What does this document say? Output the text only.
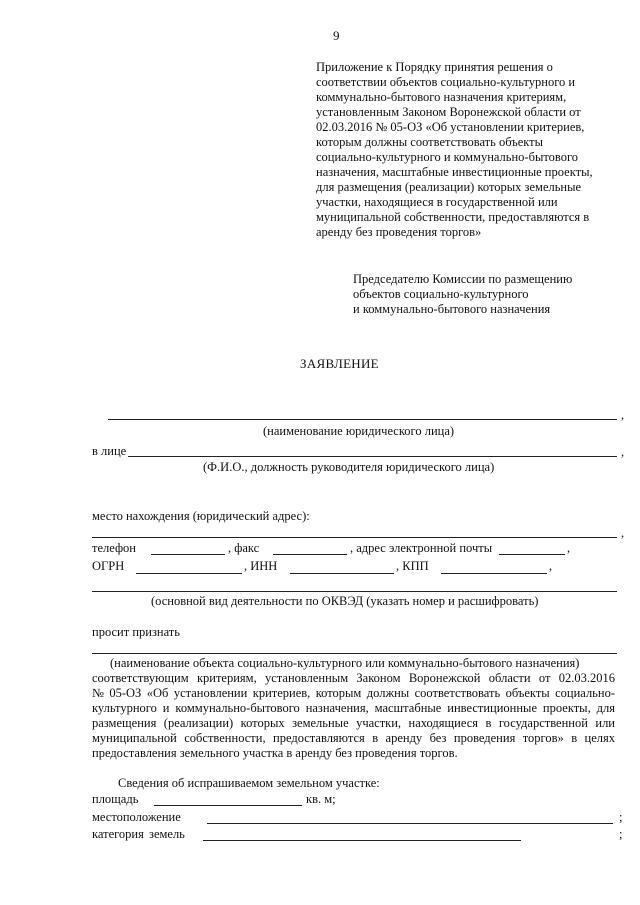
9
Приложение к Порядку принятия решения о
соответствии объектов социально-культурного и
коммунально-бытового назначения критериям,
установленным Законом Воронежской области от
02.03.2016 № 05-ОЗ «Об установлении критериев,
которым должны соответствовать объекты
социально-культурного и коммунально-бытового
назначения, масштабные инвестиционные проекты,
для размещения (реализации) которых земельные
участки, находящиеся в государственной или
муниципальной собственности, предоставляются в
аренду без проведения торгов»
Председателю Комиссии по размещению
объектов социально-культурного
и коммунально-бытового назначения
ЗАЯВЛЕНИЕ
,
(наименование юридического лица)
в лице	,
(Ф.И.О., должность руководителя юридического лица)
место нахождения (юридический адрес):
,
телефон	, факс	, адрес электронной почты	,
ОГРН	, ИНН	, КПП	,
(основной вид деятельности по ОКВЭД (указать номер и расшифровать)
просит признать
(наименование объекта социально-культурного или коммунально-бытового назначения)
соответствующим критериям, установленным Законом Воронежской области от 02.03.2016
№ 05-ОЗ «Об установлении критериев, которым должны соответствовать объекты социально-
культурного и коммунально-бытового назначения, масштабные инвестиционные проекты, для
размещения (реализации) которых земельные участки, находящиеся в государственной или
муниципальной собственности, предоставляются в аренду без проведения торгов» в целях
предоставления земельного участка в аренду без проведения торгов.
Сведения об испрашиваемом земельном участке:
площадь	кв. м;
местоположение	;
категория земель	;
